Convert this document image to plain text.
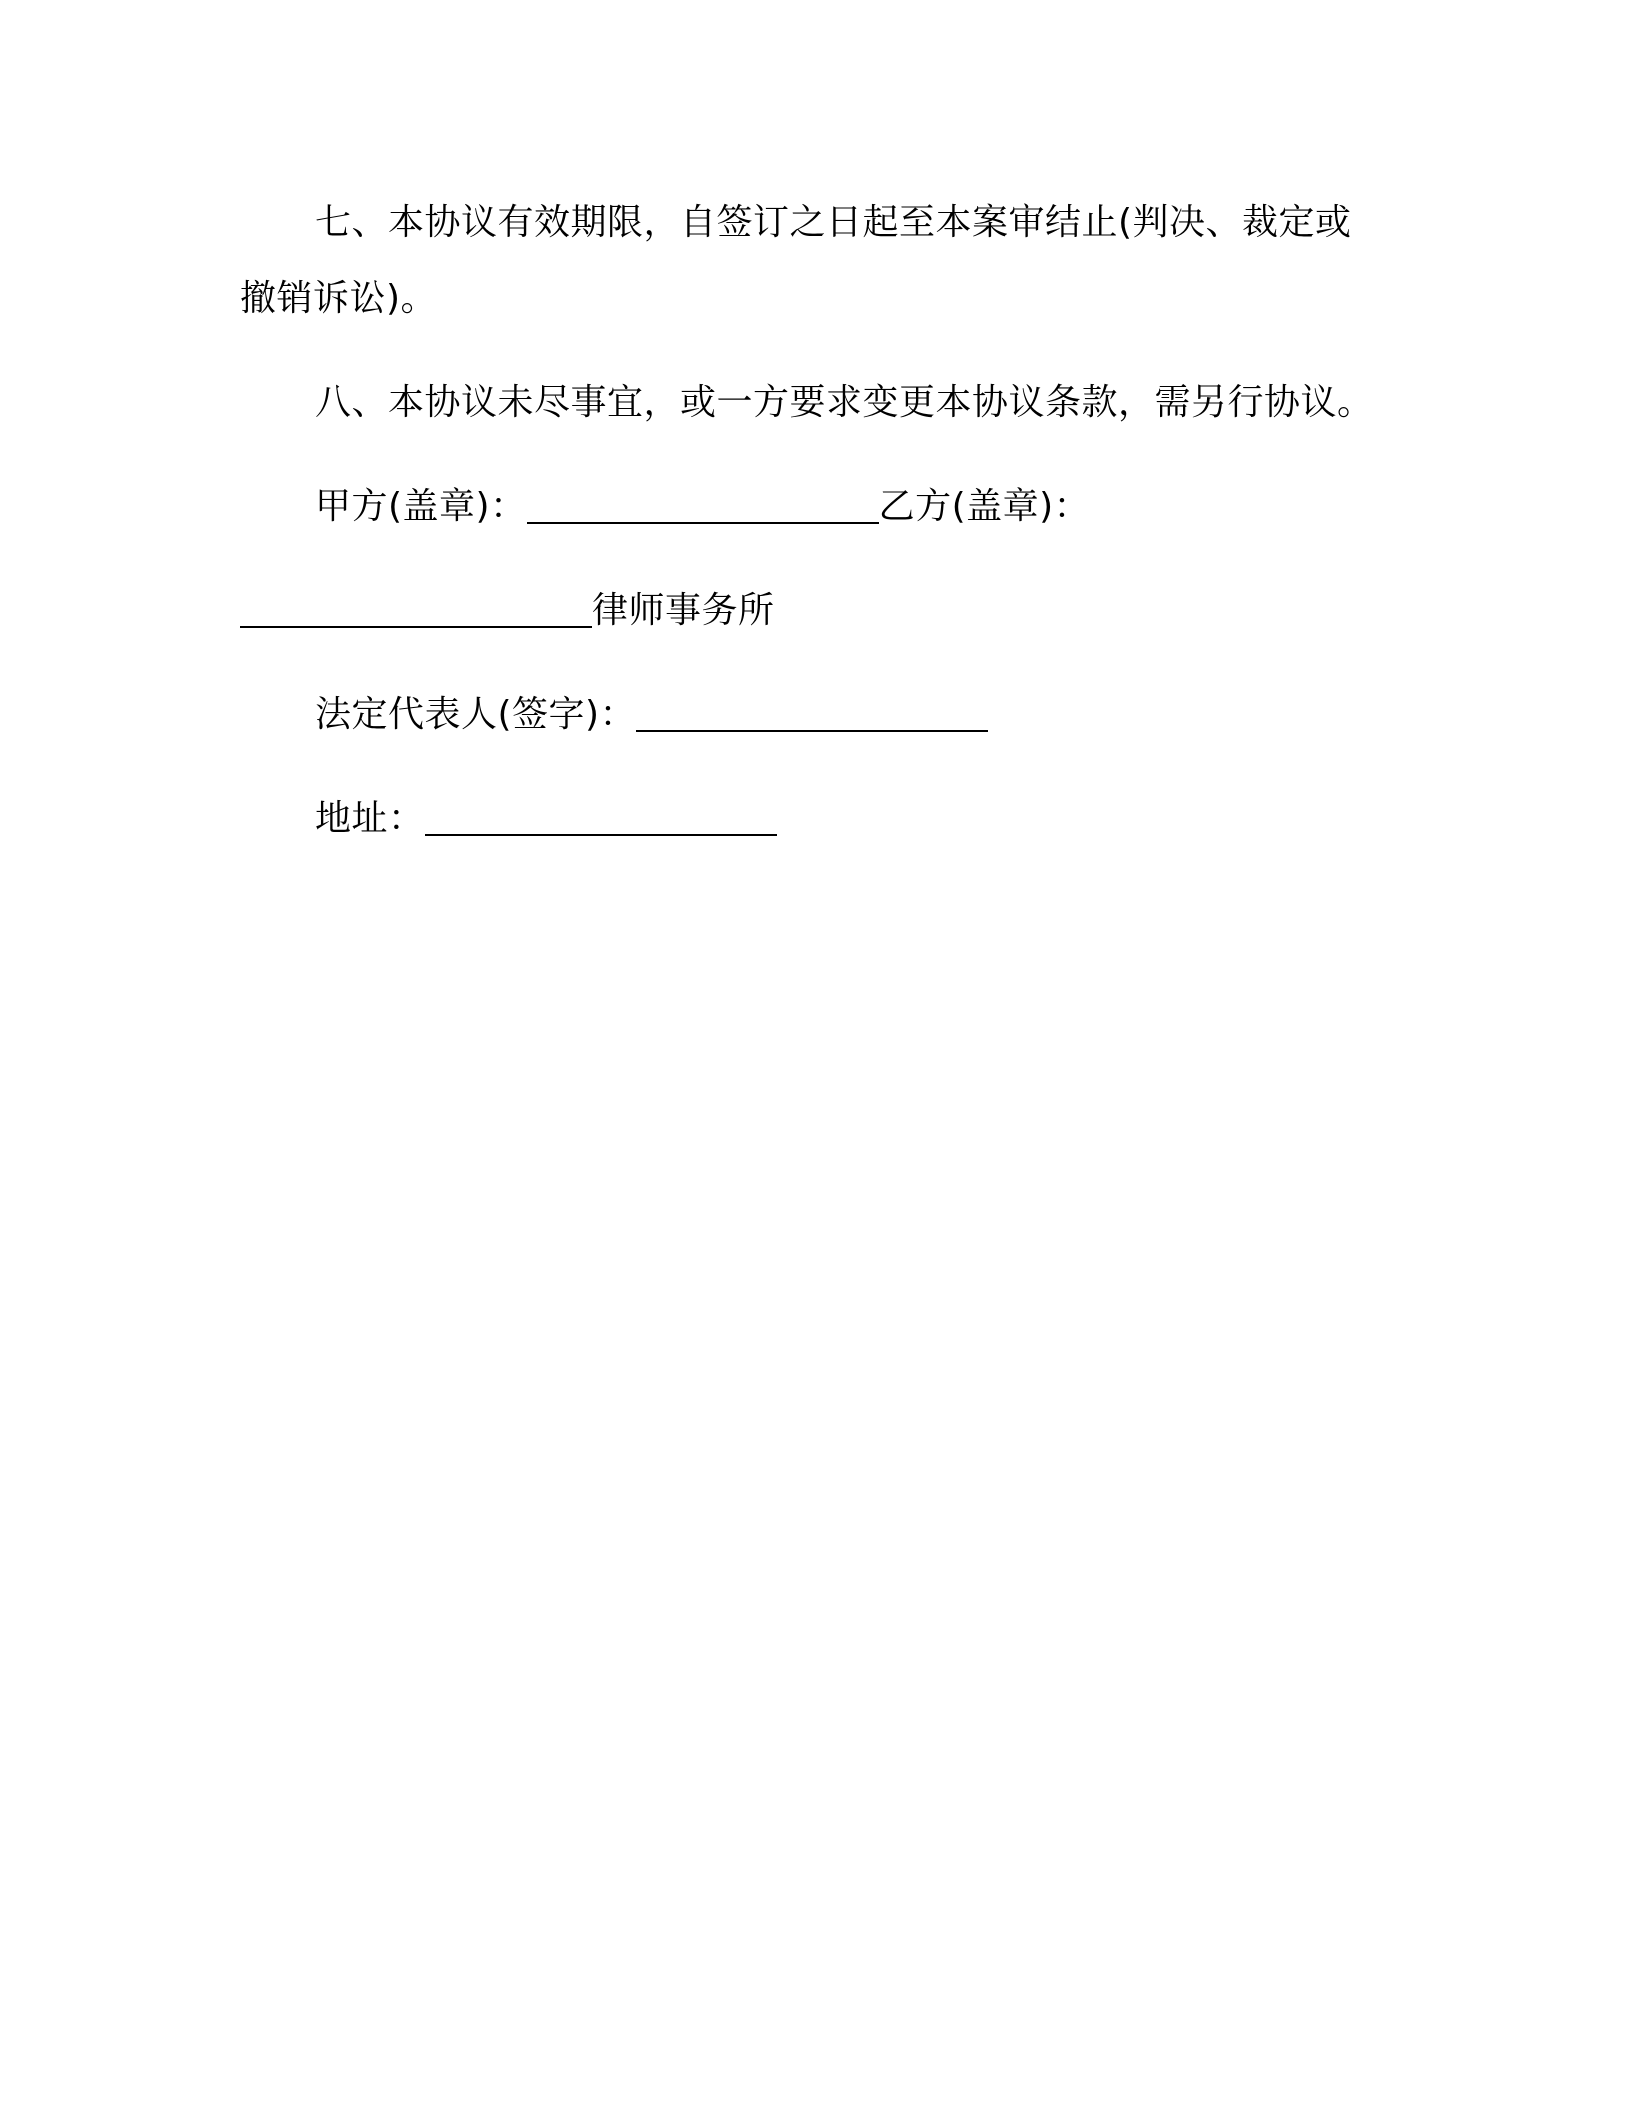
七、本协议有效期限，自签订之日起至本案审结止(判决、裁定或撤销诉讼)。

八、本协议未尽事宜，或一方要求变更本协议条款，需另行协议。

甲方(盖章)：	乙方(盖章)：
律师事务所
法定代表人(签字)：
地址：
